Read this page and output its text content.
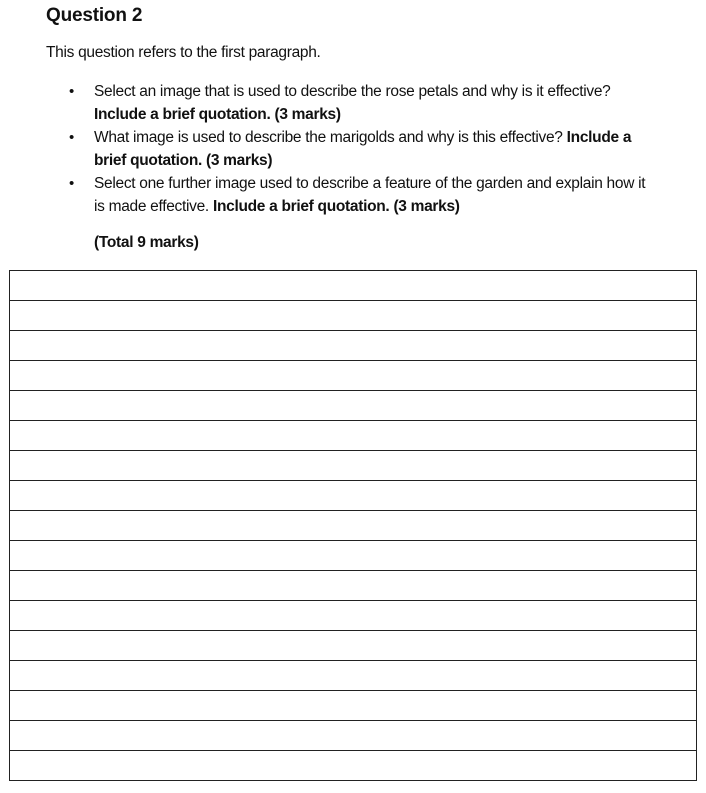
Question 2
This question refers to the first paragraph.
• Select an image that is used to describe the rose petals and why is it effective? Include a brief quotation. (3 marks)
• What image is used to describe the marigolds and why is this effective? Include a brief quotation. (3 marks)
• Select one further image used to describe a feature of the garden and explain how it is made effective. Include a brief quotation. (3 marks)
(Total 9 marks)
